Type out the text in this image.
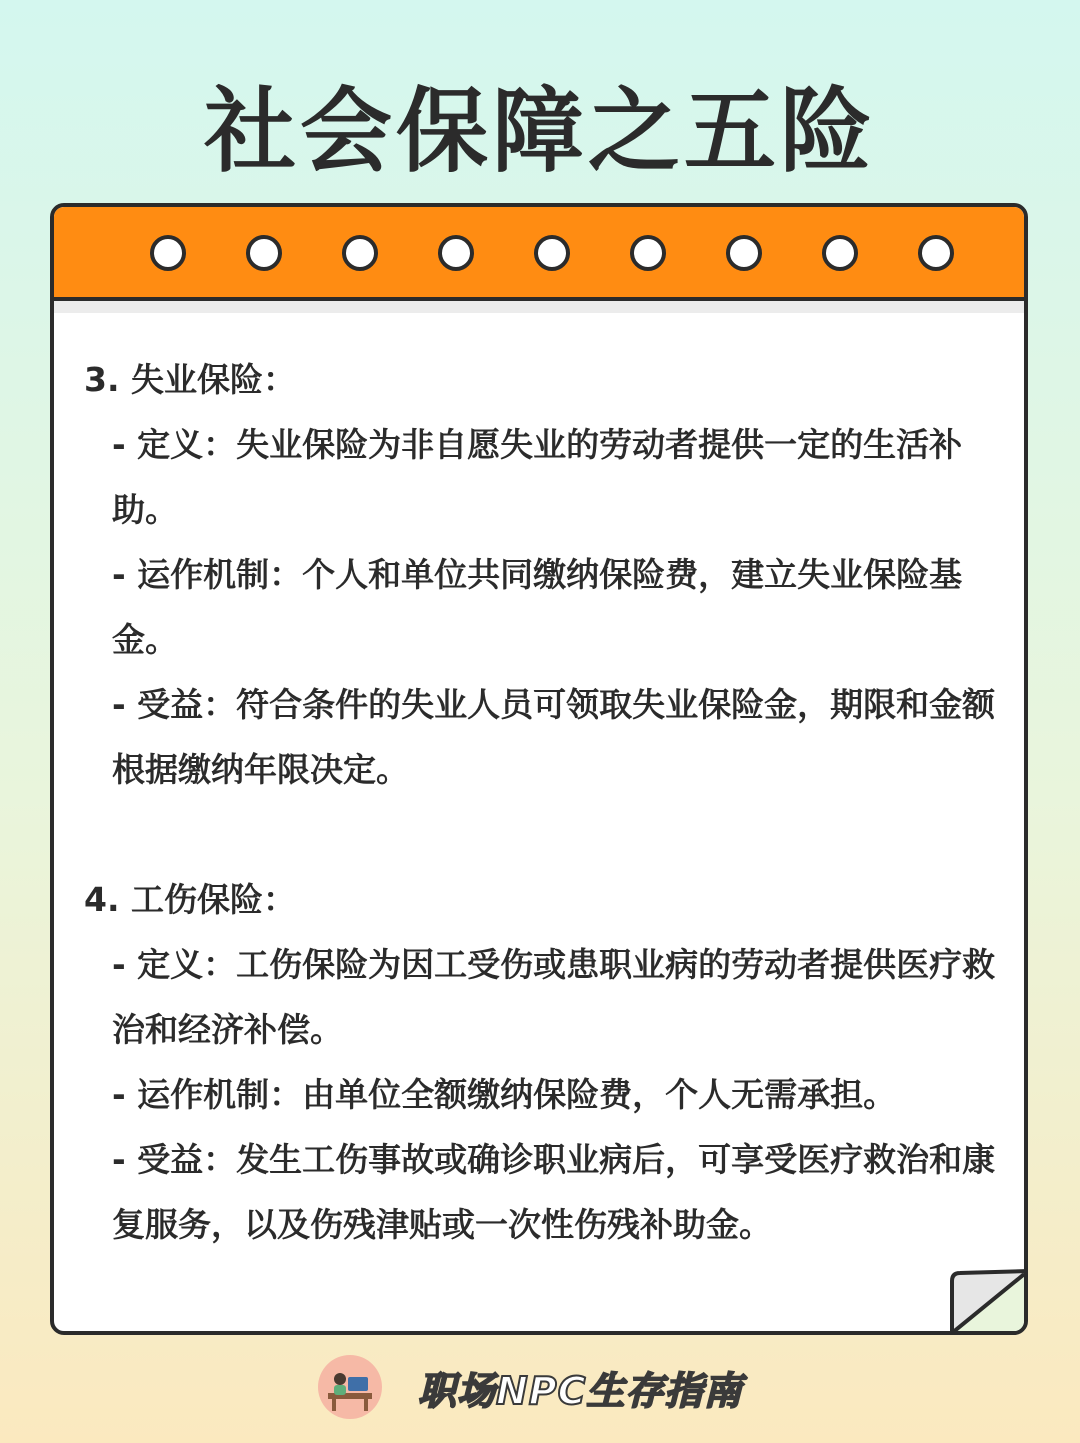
社会保障之五险

3. 失业保险：

- 定义：失业保险为非自愿失业的劳动者提供一定的生活补助。

- 运作机制：个人和单位共同缴纳保险费，建立失业保险基金。

- 受益：符合条件的失业人员可领取失业保险金，期限和金额根据缴纳年限决定。

4. 工伤保险：

- 定义：工伤保险为因工受伤或患职业病的劳动者提供医疗救治和经济补偿。

- 运作机制：由单位全额缴纳保险费，个人无需承担。

- 受益：发生工伤事故或确诊职业病后，可享受医疗救治和康复服务，以及伤残津贴或一次性伤残补助金。

职场NPC生存指南
